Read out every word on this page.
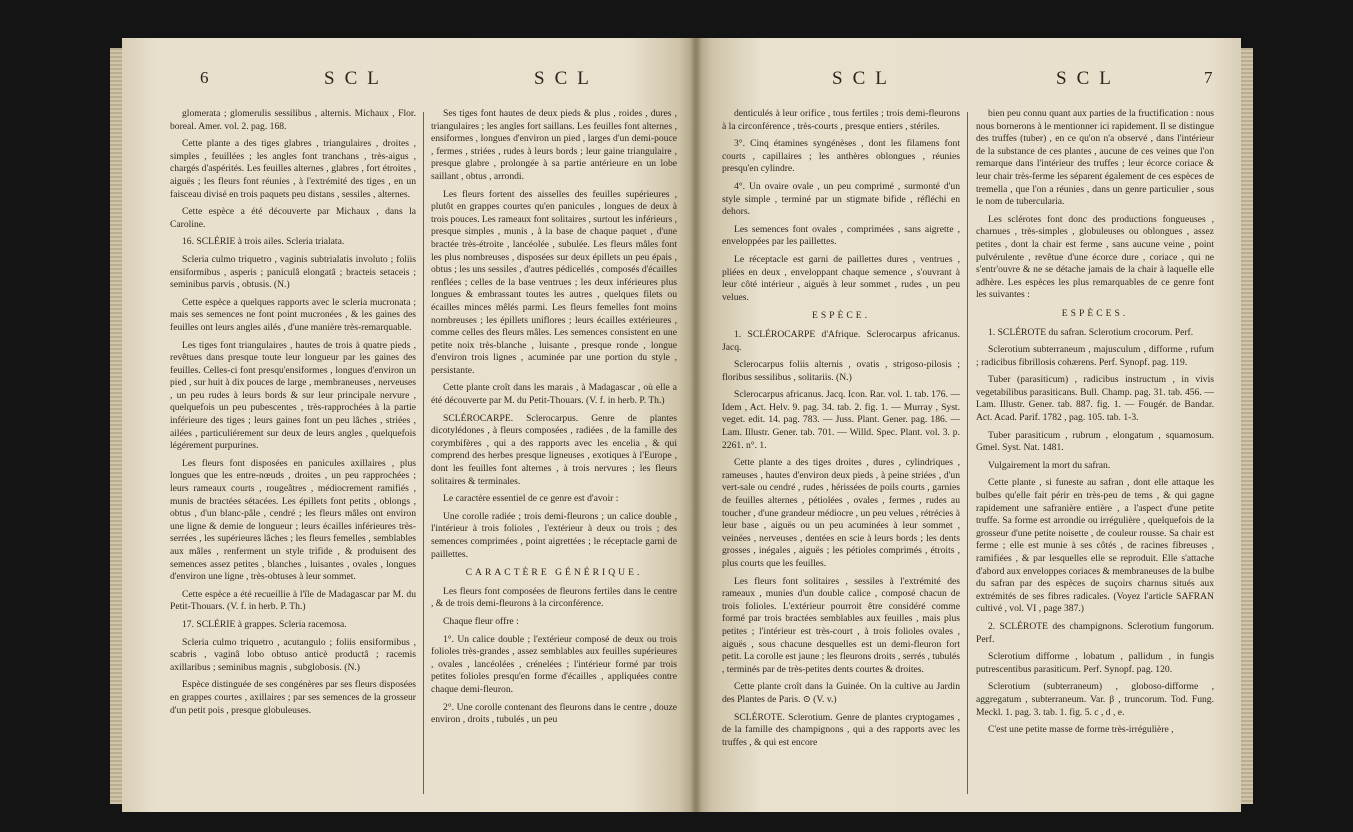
6	SCL	SCL

glomerata ; glomerulis sessilibus , alternis. Michaux , Flor. boreal. Amer. vol. 2. pag. 168.

Cette plante a des tiges glabres , triangulaires , droites , simples , feuillées ; les angles font tranchans , très-aigus , chargés d'aspérités. Les feuilles alternes , glabres , fort étroites , aiguës ; les fleurs font réunies , à l'extrémité des tiges , en un faisceau divisé en trois paquets peu distans , sessiles , alternes.

Cette espèce a été découverte par Michaux , dans la Caroline.

16. SCLÉRIE à trois ailes. Scleria trialata.

Scleria culmo triquetro , vaginis subtrialatis involuto ; foliis ensiformibus , asperis ; paniculâ elongatâ ; bracteis setaceis ; seminibus parvis , obtusis. (N.)

Cette espèce a quelques rapports avec le scleria mucronata ; mais ses semences ne font point mucronées , & les gaines des feuilles ont leurs angles ailés , d'une manière très-remarquable.

Les tiges font triangulaires , hautes de trois à quatre pieds , revêtues dans presque toute leur longueur par les gaines des feuilles. Celles-ci font presqu'ensiformes , longues d'environ un pied , sur huit à dix pouces de large , membraneuses , nerveuses , un peu rudes à leurs bords & sur leur principale nervure , quelquefois un peu pubescentes , très-rapprochées à la partie inférieure des tiges ; leurs gaines font un peu lâches , striées , ailées , particuliérement sur deux de leurs angles , quelquefois légérement purpurines.

Les fleurs font disposées en panicules axillaires , plus longues que les entre-nœuds , droites , un peu rapprochées ; leurs rameaux courts , rougeâtres , médiocrement ramifiés , munis de bractées sétacées. Les épillets font petits , oblongs , obtus , d'un blanc-pâle , cendré ; les fleurs mâles ont environ une ligne & demie de longueur ; leurs écailles inférieures très-serrées , les supérieures lâches ; les fleurs femelles , semblables aux mâles , renferment un style trifide , & produisent des semences assez petites , blanches , luisantes , ovales , longues d'environ une ligne , très-obtuses à leur sommet.

Cette espèce a été recueillie à l'île de Madagascar par M. du Petit-Thouars. (V. f. in herb. P. Th.)

17. SCLÉRIE à grappes. Scleria racemosa.

Scleria culmo triquetro , acutangulo ; foliis ensiformibus , scabris , vaginâ lobo obtuso anticè productâ ; racemis axillaribus ; seminibus magnis , subglobosis. (N.)

Espèce distinguée de ses congénères par ses fleurs disposées en grappes courtes , axillaires ; par ses semences de la grosseur d'un petit pois , presque globuleuses.

Ses tiges font hautes de deux pieds & plus , roides , dures , triangulaires ; les angles fort saillans. Les feuilles font alternes , ensiformes , longues d'environ un pied , larges d'un demi-pouce , fermes , striées , rudes à leurs bords ; leur gaine triangulaire , presque glabre , prolongée à sa partie antérieure en un lobe saillant , obtus , arrondi.

Les fleurs fortent des aisselles des feuilles supérieures , plutôt en grappes courtes qu'en panicules , longues de deux à trois pouces. Les rameaux font solitaires , surtout les inférieurs , presque simples , munis , à la base de chaque paquet , d'une bractée très-étroite , lancéolée , subulée. Les fleurs mâles font les plus nombreuses , disposées sur deux épillets un peu épais , obtus ; les uns sessiles , d'autres pédicellés , composés d'écailles renflées ; celles de la base ventrues ; les deux inférieures plus longues & embrassant toutes les autres , quelques filets ou écailles minces mêlés parmi. Les fleurs femelles font moins nombreuses ; les épillets uniflores ; leurs écailles extérieures , comme celles des fleurs mâles. Les semences consistent en une petite noix très-blanche , luisante , presque ronde , longue d'environ trois lignes , acuminée par une portion du style , persistante.

Cette plante croît dans les marais , à Madagascar , où elle a été découverte par M. du Petit-Thouars. (V. f. in herb. P. Th.)

SCLÉROCARPE. Sclerocarpus. Genre de plantes dicotylédones , à fleurs composées , radiées , de la famille des corymbifères , qui a des rapports avec les encelia , & qui comprend des herbes presque ligneuses , exotiques à l'Europe , dont les feuilles font alternes , à trois nervures ; les fleurs solitaires & terminales.

Le caractère essentiel de ce genre est d'avoir :

Une corolle radiée ; trois demi-fleurons ; un calice double , l'intérieur à trois folioles , l'extérieur à deux ou trois ; des semences comprimées , point aigrettées ; le réceptacle garni de paillettes.

CARACTÈRE GÉNÉRIQUE.

Les fleurs font composées de fleurons fertiles dans le centre , & de trois demi-fleurons à la circonférence.

Chaque fleur offre :

1°. Un calice double ; l'extérieur composé de deux ou trois folioles très-grandes , assez semblables aux feuilles supérieures , ovales , lancéolées , crénelées ; l'intérieur formé par trois petites folioles presqu'en forme d'écailles , appliquées contre chaque demi-fleuron.

2°. Une corolle contenant des fleurons dans le centre , douze environ , droits , tubulés , un peu

SCL	SCL	7

denticulés à leur orifice , tous fertiles ; trois demi-fleurons à la circonférence , très-courts , presque entiers , stériles.

3°. Cinq étamines syngénèses , dont les filamens font courts , capillaires ; les anthères oblongues , réunies presqu'en cylindre.

4°. Un ovaire ovale , un peu comprimé , surmonté d'un style simple , terminé par un stigmate bifide , réfléchi en dehors.

Les semences font ovales , comprimées , sans aigrette , enveloppées par les paillettes.

Le réceptacle est garni de paillettes dures , ventrues , pliées en deux , enveloppant chaque semence , s'ouvrant à leur côté intérieur , aiguës à leur sommet , rudes , un peu velues.

ESPÈCE.

1. SCLÉROCARPE d'Afrique. Sclerocarpus africanus. Jacq.

Sclerocarpus foliis alternis , ovatis , strigoso-pilosis ; floribus sessilibus , solitariis. (N.)

Sclerocarpus africanus. Jacq. Icon. Rar. vol. 1. tab. 176. — Idem , Act. Helv. 9. pag. 34. tab. 2. fig. 1. — Murray , Syst. veget. edit. 14. pag. 783. — Juss. Plant. Gener. pag. 186. — Lam. Illustr. Gener. tab. 701. — Willd. Spec. Plant. vol. 3. p. 2261. n°. 1.

Cette plante a des tiges droites , dures , cylindriques , rameuses , hautes d'environ deux pieds , à peine striées , d'un vert-sale ou cendré , rudes , hérissées de poils courts , garnies de feuilles alternes , pétiolées , ovales , fermes , rudes au toucher , d'une grandeur médiocre , un peu velues , rétrécies à leur base , aiguës ou un peu acuminées à leur sommet , veinées , nerveuses , dentées en scie à leurs bords ; les dents grosses , inégales , aiguës ; les pétioles comprimés , étroits , plus courts que les feuilles.

Les fleurs font solitaires , sessiles à l'extrémité des rameaux , munies d'un double calice , composé chacun de trois folioles. L'extérieur pourroit être considéré comme formé par trois bractées semblables aux feuilles , mais plus petites ; l'intérieur est très-court , à trois folioles ovales , aiguës , sous chacune desquelles est un demi-fleuron fort petit. La corolle est jaune ; les fleurons droits , serrés , tubulés , terminés par de très-petites dents courtes & droites.

Cette plante croît dans la Guinée. On la cultive au Jardin des Plantes de Paris. ⊙ (V. v.)

SCLÉROTE. Sclerotium. Genre de plantes cryptogames , de la famille des champignons , qui a des rapports avec les truffes , & qui est encore

bien peu connu quant aux parties de la fructification : nous nous bornerons à le mentionner ici rapidement. Il se distingue des truffes (tuber) , en ce qu'on n'a observé , dans l'intérieur de la substance de ces plantes , aucune de ces veines que l'on remarque dans l'intérieur des truffes ; leur écorce coriace & leur chair très-ferme les séparent également de ces espèces de tremella , que l'on a réunies , dans un genre particulier , sous le nom de tubercularia.

Les sclérotes font donc des productions fongueuses , charnues , très-simples , globuleuses ou oblongues , assez petites , dont la chair est ferme , sans aucune veine , point pulvérulente , revêtue d'une écorce dure , coriace , qui ne s'entr'ouvre & ne se détache jamais de la chair à laquelle elle adhère. Les espèces les plus remarquables de ce genre font les suivantes :

ESPÈCES.

1. SCLÉROTE du safran. Sclerotium crocorum. Perf.

Sclerotium subterraneum , majusculum , difforme , rufum ; radicibus fibrillosis cohærens. Perf. Synopf. pag. 119.

Tuber (parasiticum) , radicibus instructum , in vivis vegetabilibus parasiticans. Bull. Champ. pag. 31. tab. 456. — Lam. Illustr. Gener. tab. 887. fig. 1. — Fougér. de Bandar. Act. Acad. Parif. 1782 , pag. 105. tab. 1-3.

Tuber parasiticum , rubrum , elongatum , squamosum. Gmel. Syst. Nat. 1481.

Vulgairement la mort du safran.

Cette plante , si funeste au safran , dont elle attaque les bulbes qu'elle fait périr en très-peu de tems , & qui gagne rapidement une safranière entière , a l'aspect d'une petite truffe. Sa forme est arrondie ou irrégulière , quelquefois de la grosseur d'une petite noisette , de couleur rousse. Sa chair est ferme ; elle est munie à ses côtés , de racines fibreuses , ramifiées , & par lesquelles elle se reproduit. Elle s'attache d'abord aux enveloppes coriaces & membraneuses de la bulbe du safran par des espèces de suçoirs charnus situés aux extrémités de ses fibres radicales. (Voyez l'article SAFRAN cultivé , vol. VI , page 387.)

2. SCLÉROTE des champignons. Sclerotium fungorum. Perf.

Sclerotium difforme , lobatum , pallidum , in fungis putrescentibus parasiticum. Perf. Synopf. pag. 120.

Sclerotium (subterraneum) , globoso-difforme , aggregatum , subterraneum. Var. β , truncorum. Tod. Fung. Meckl. 1. pag. 3. tab. 1. fig. 5. c , d , e.

C'est une petite masse de forme très-irrégulière ,
